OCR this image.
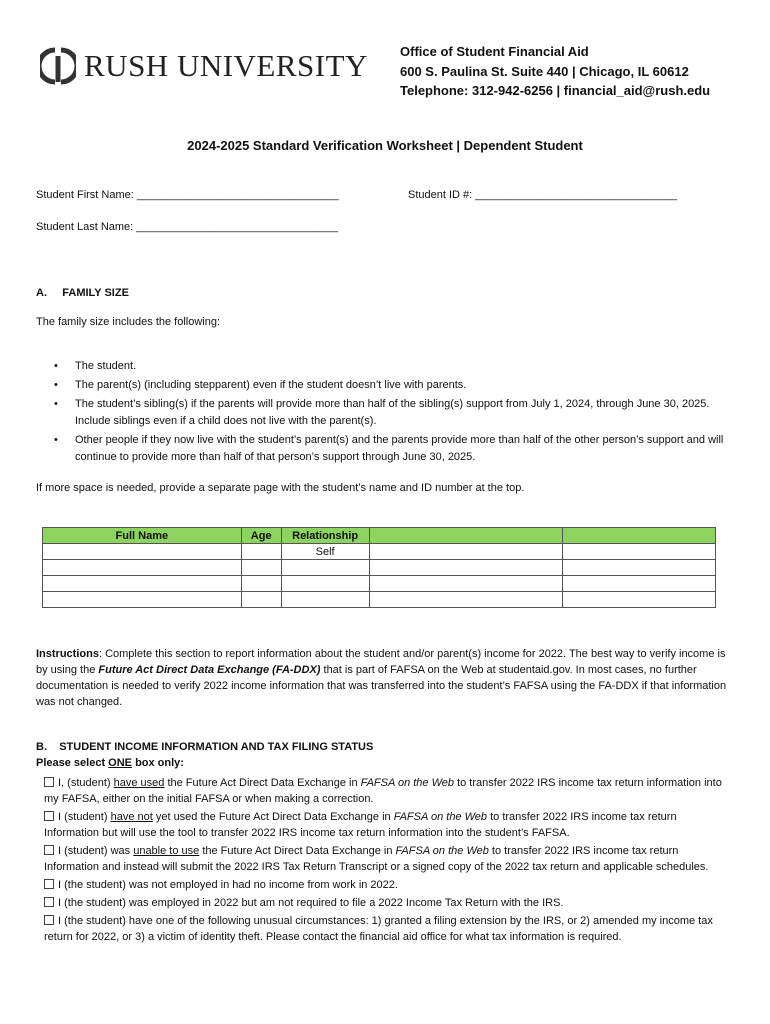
RUSH UNIVERSITY Office of Student Financial Aid
600 S. Paulina St. Suite 440 | Chicago, IL 60612
Telephone: 312-942-6256 | financial_aid@rush.edu
2024-2025 Standard Verification Worksheet | Dependent Student
Student First Name: _________________________________	Student ID #: _________________________________
Student Last Name: _________________________________
A.     FAMILY SIZE
The family size includes the following:
• The student.
• The parent(s) (including stepparent) even if the student doesn’t live with parents.
• The student’s sibling(s) if the parents will provide more than half of the sibling(s) support from July 1, 2024, through June 30, 2025. Include siblings even if a child does not live with the parent(s).
• Other people if they now live with the student’s parent(s) and the parents provide more than half of the other person’s support and will continue to provide more than half of that person’s support through June 30, 2025.
If more space is needed, provide a separate page with the student’s name and ID number at the top.
Full Name	Age	Relationship		
		Self		

Instructions: Complete this section to report information about the student and/or parent(s) income for 2022. The best way to verify income is by using the Future Act Direct Data Exchange (FA-DDX) that is part of FAFSA on the Web at studentaid.gov. In most cases, no further documentation is needed to verify 2022 income information that was transferred into the student’s FAFSA using the FA-DDX if that information was not changed.
B.    STUDENT INCOME INFORMATION AND TAX FILING STATUS
Please select ONE box only:
I, (student) have used the Future Act Direct Data Exchange in FAFSA on the Web to transfer 2022 IRS income tax return information into my FAFSA, either on the initial FAFSA or when making a correction.
I (student) have not yet used the Future Act Direct Data Exchange in FAFSA on the Web to transfer 2022 IRS income tax return Information but will use the tool to transfer 2022 IRS income tax return information into the student’s FAFSA.
I (student) was unable to use the Future Act Direct Data Exchange in FAFSA on the Web to transfer 2022 IRS income tax return Information and instead will submit the 2022 IRS Tax Return Transcript or a signed copy of the 2022 tax return and applicable schedules.
I (the student) was not employed in had no income from work in 2022.
I (the student) was employed in 2022 but am not required to file a 2022 Income Tax Return with the IRS.
I (the student) have one of the following unusual circumstances: 1) granted a filing extension by the IRS, or 2) amended my income tax return for 2022, or 3) a victim of identity theft. Please contact the financial aid office for what tax information is required.
